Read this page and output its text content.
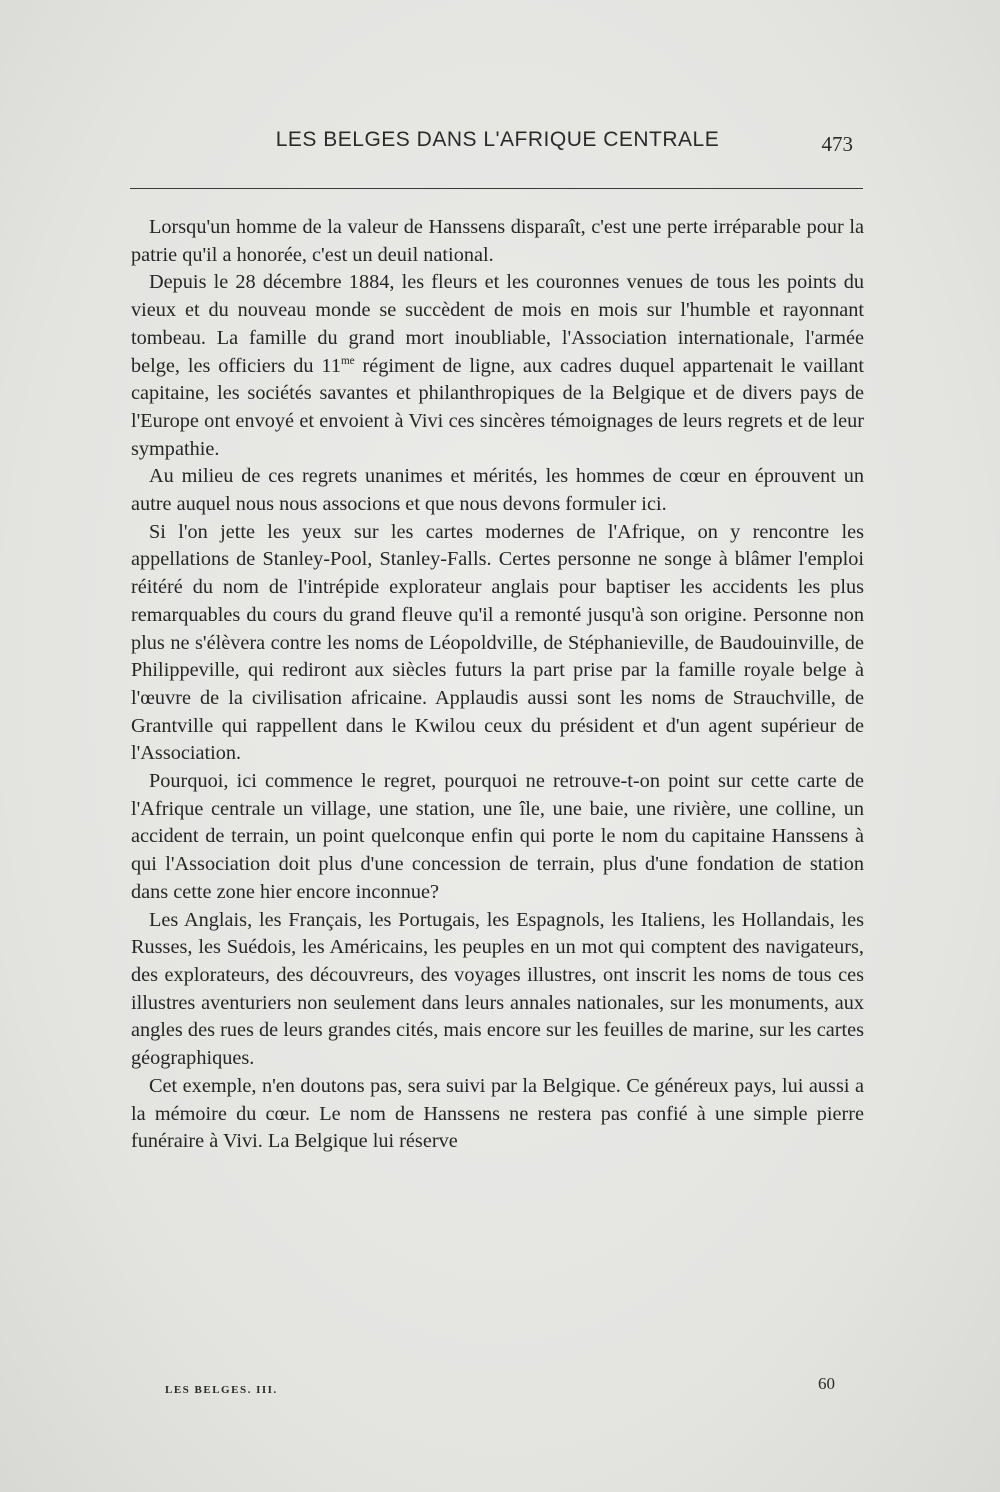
LES BELGES DANS L'AFRIQUE CENTRALE	473

Lorsqu'un homme de la valeur de Hanssens disparaît, c'est une perte irréparable pour la patrie qu'il a honorée, c'est un deuil national.

Depuis le 28 décembre 1884, les fleurs et les couronnes venues de tous les points du vieux et du nouveau monde se succèdent de mois en mois sur l'humble et rayonnant tombeau. La famille du grand mort inoubliable, l'Association internationale, l'armée belge, les officiers du $11^{me}$ régiment de ligne, aux cadres duquel appartenait le vaillant capitaine, les sociétés savantes et philanthropiques de la Belgique et de divers pays de l'Europe ont envoyé et envoient à Vivi ces sincères témoignages de leurs regrets et de leur sympathie.

Au milieu de ces regrets unanimes et mérités, les hommes de cœur en éprouvent un autre auquel nous nous associons et que nous devons formuler ici.

Si l'on jette les yeux sur les cartes modernes de l'Afrique, on y rencontre les appellations de Stanley-Pool, Stanley-Falls. Certes personne ne songe à blâmer l'emploi réitéré du nom de l'intrépide explorateur anglais pour baptiser les accidents les plus remarquables du cours du grand fleuve qu'il a remonté jusqu'à son origine. Personne non plus ne s'élèvera contre les noms de Léopoldville, de Stéphanieville, de Baudouinville, de Philippeville, qui rediront aux siècles futurs la part prise par la famille royale belge à l'œuvre de la civilisation africaine. Applaudis aussi sont les noms de Strauchville, de Grantville qui rappellent dans le Kwilou ceux du président et d'un agent supérieur de l'Association.

Pourquoi, ici commence le regret, pourquoi ne retrouve-t-on point sur cette carte de l'Afrique centrale un village, une station, une île, une baie, une rivière, une colline, un accident de terrain, un point quelconque enfin qui porte le nom du capitaine Hanssens à qui l'Association doit plus d'une concession de terrain, plus d'une fondation de station dans cette zone hier encore inconnue?

Les Anglais, les Français, les Portugais, les Espagnols, les Italiens, les Hollandais, les Russes, les Suédois, les Américains, les peuples en un mot qui comptent des navigateurs, des explorateurs, des découvreurs, des voyages illustres, ont inscrit les noms de tous ces illustres aventuriers non seulement dans leurs annales nationales, sur les monuments, aux angles des rues de leurs grandes cités, mais encore sur les feuilles de marine, sur les cartes géographiques.

Cet exemple, n'en doutons pas, sera suivi par la Belgique. Ce généreux pays, lui aussi a la mémoire du cœur. Le nom de Hanssens ne restera pas confié à une simple pierre funéraire à Vivi. La Belgique lui réserve

LES BELGES. III.	60
